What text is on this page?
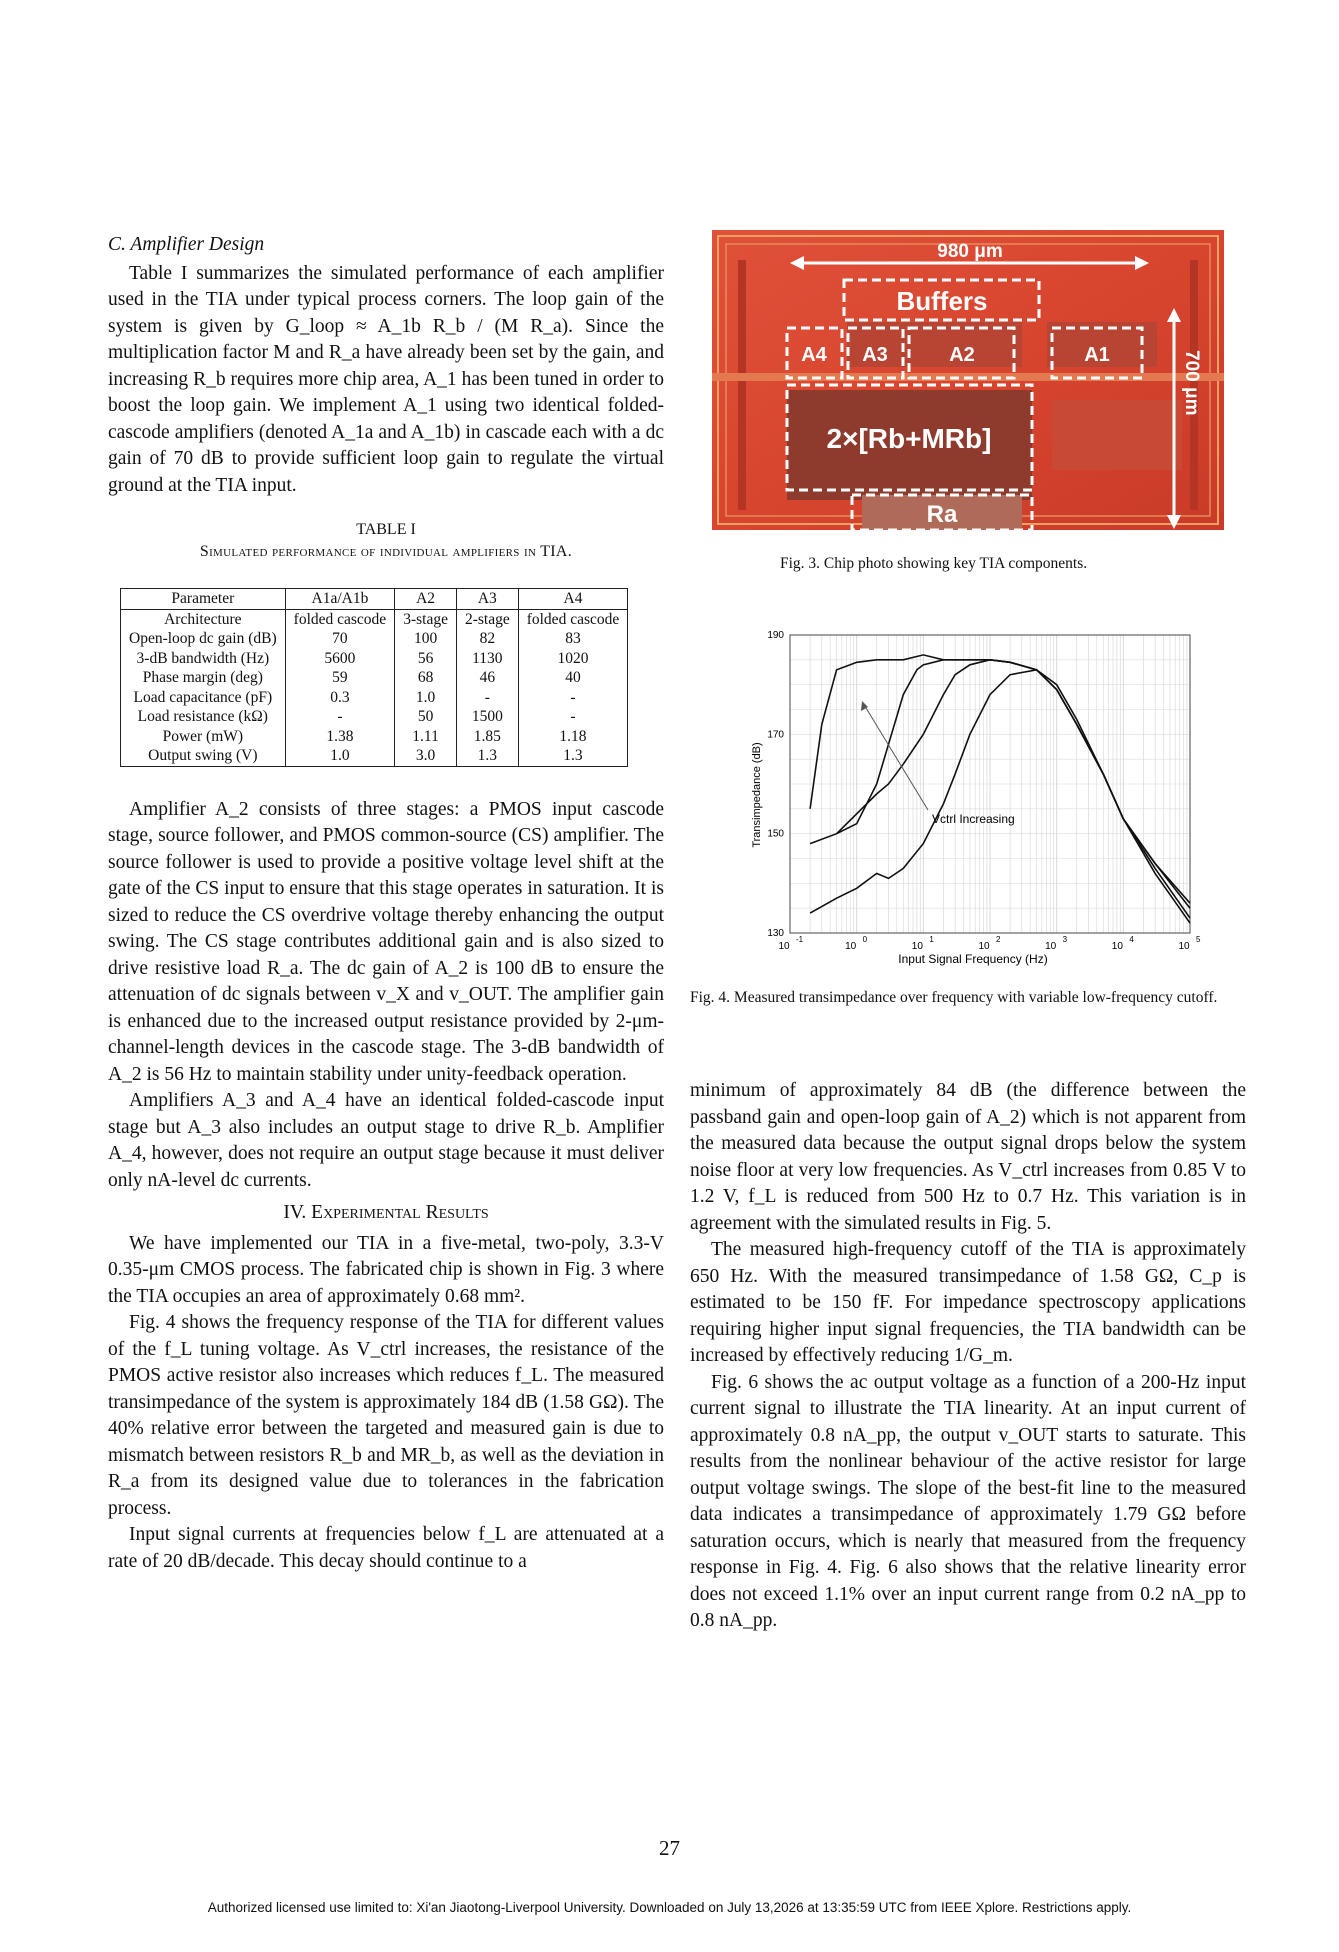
C. Amplifier Design

Table I summarizes the simulated performance of each amplifier used in the TIA under typical process corners. The loop gain of the system is given by G_loop ≈ A_1b R_b / (M R_a). Since the multiplication factor M and R_a have already been set by the gain, and increasing R_b requires more chip area, A_1 has been tuned in order to boost the loop gain. We implement A_1 using two identical folded-cascode amplifiers (denoted A_1a and A_1b) in cascade each with a dc gain of 70 dB to provide sufficient loop gain to regulate the virtual ground at the TIA input.

TABLE I
Simulated performance of individual amplifiers in TIA.
Parameter	A1a/A1b	A2	A3	A4
Architecture	folded cascode	3-stage	2-stage	folded cascode
Open-loop dc gain (dB)	70	100	82	83
3-dB bandwidth (Hz)	5600	56	1130	1020
Phase margin (deg)	59	68	46	40
Load capacitance (pF)	0.3	1.0	-	-
Load resistance (kΩ)	-	50	1500	-
Power (mW)	1.38	1.11	1.85	1.18
Output swing (V)	1.0	3.0	1.3	1.3

Amplifier A_2 consists of three stages: a PMOS input cascode stage, source follower, and PMOS common-source (CS) amplifier. The source follower is used to provide a positive voltage level shift at the gate of the CS input to ensure that this stage operates in saturation. It is sized to reduce the CS overdrive voltage thereby enhancing the output swing. The CS stage contributes additional gain and is also sized to drive resistive load R_a. The dc gain of A_2 is 100 dB to ensure the attenuation of dc signals between v_X and v_OUT. The amplifier gain is enhanced due to the increased output resistance provided by 2-μm-channel-length devices in the cascode stage. The 3-dB bandwidth of A_2 is 56 Hz to maintain stability under unity-feedback operation.

Amplifiers A_3 and A_4 have an identical folded-cascode input stage but A_3 also includes an output stage to drive R_b. Amplifier A_4, however, does not require an output stage because it must deliver only nA-level dc currents.

IV. Experimental Results

We have implemented our TIA in a five-metal, two-poly, 3.3-V 0.35-μm CMOS process. The fabricated chip is shown in Fig. 3 where the TIA occupies an area of approximately 0.68 mm².

Fig. 4 shows the frequency response of the TIA for different values of the f_L tuning voltage. As V_ctrl increases, the resistance of the PMOS active resistor also increases which reduces f_L. The measured transimpedance of the system is approximately 184 dB (1.58 GΩ). The 40% relative error between the targeted and measured gain is due to mismatch between resistors R_b and MR_b, as well as the deviation in R_a from its designed value due to tolerances in the fabrication process.

Input signal currents at frequencies below f_L are attenuated at a rate of 20 dB/decade. This decay should continue to a

980 μm
700 μm
Buffers
A4 A3	A2	A1
2×[Rb+MRb]
Ra
Fig. 3. Chip photo showing key TIA components.
130
150
170
190
10
-1
10
0
10
1
10
2
10
3
10
4
10
5
Input Signal Frequency (Hz)
Transimpedance (dB)	Vctrl Increasing
Fig. 4. Measured transimpedance over frequency with variable low-frequency cutoff.

minimum of approximately 84 dB (the difference between the passband gain and open-loop gain of A_2) which is not apparent from the measured data because the output signal drops below the system noise floor at very low frequencies. As V_ctrl increases from 0.85 V to 1.2 V, f_L is reduced from 500 Hz to 0.7 Hz. This variation is in agreement with the simulated results in Fig. 5.

The measured high-frequency cutoff of the TIA is approximately 650 Hz. With the measured transimpedance of 1.58 GΩ, C_p is estimated to be 150 fF. For impedance spectroscopy applications requiring higher input signal frequencies, the TIA bandwidth can be increased by effectively reducing 1/G_m.

Fig. 6 shows the ac output voltage as a function of a 200-Hz input current signal to illustrate the TIA linearity. At an input current of approximately 0.8 nA_pp, the output v_OUT starts to saturate. This results from the nonlinear behaviour of the active resistor for large output voltage swings. The slope of the best-fit line to the measured data indicates a transimpedance of approximately 1.79 GΩ before saturation occurs, which is nearly that measured from the frequency response in Fig. 4. Fig. 6 also shows that the relative linearity error does not exceed 1.1% over an input current range from 0.2 nA_pp to 0.8 nA_pp.

27
Authorized licensed use limited to: Xi'an Jiaotong-Liverpool University. Downloaded on July 13,2026 at 13:35:59 UTC from IEEE Xplore. Restrictions apply.
